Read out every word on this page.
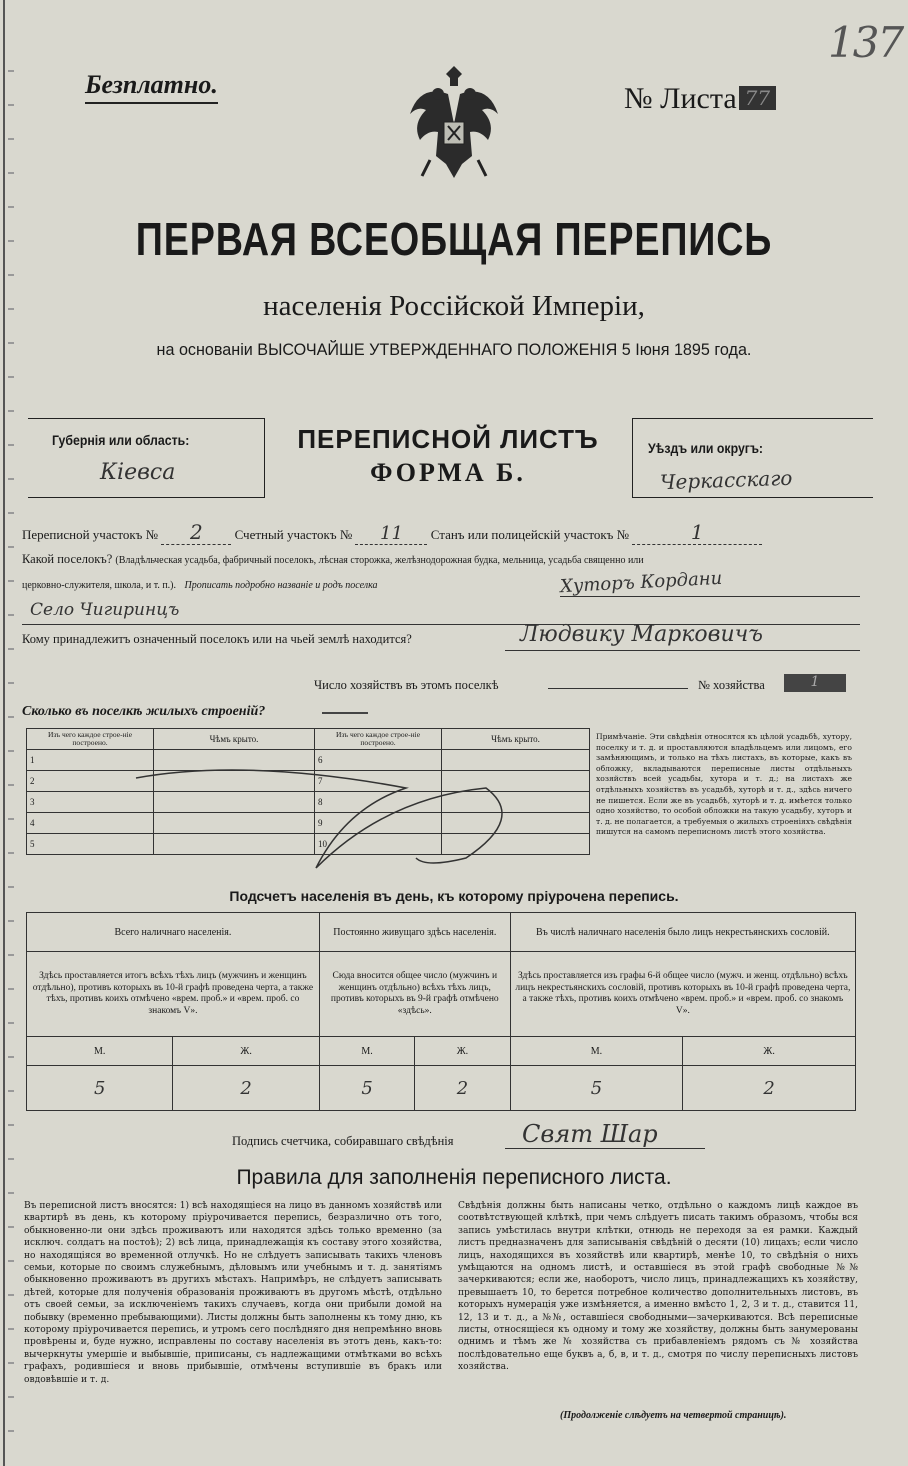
137
Безплатно.	№ Листа 77
ПЕРВАЯ ВСЕОБЩАЯ ПЕРЕПИСЬ
населенія Россійской Имперіи,
на основаніи ВЫСОЧАЙШЕ УТВЕРЖДЕННАГО ПОЛОЖЕНІЯ 5 Іюня 1895 года.
Губернія или область:
Кіевса
ПЕРЕПИСНОЙ ЛИСТЪ
ФОРМА Б.
Уѣздъ или округъ:
Черкасскаго
Переписной участокъ № 2 Счетный участокъ № 11 Станъ или полицейскій участокъ №	1
Какой поселокъ? (Владѣльческая усадьба, фабричный поселокъ, лѣсная сторожка, желѣзнодорожная будка, мельница, усадьба священно или
церковно-служителя, школа, и т. п.). Прописать подробно названіе и родъ поселка	Хуторъ Кордани
Село Чигиринцъ
Кому принадлежитъ означенный поселокъ или на чьей землѣ находится?	Людвику Марковичъ
Число хозяйствъ въ этомъ поселкѣ	№ хозяйства	1
Сколько въ поселкѣ жилыхъ строеній?
Изъ чего каждое строе-ніе построено.	Чѣмъ крыто.	Изъ чего каждое строе-ніе построено.	Чѣмъ крыто.
1		6	
2		7	
3		8	
4		9	
5		10	
Примѣчаніе. Эти свѣдѣнія относятся къ цѣлой усадьбѣ, хутору, поселку и т. д. и проставляются владѣльцемъ или лицомъ, его замѣняющимъ, и только на тѣхъ листахъ, въ которые, какъ въ обложку, вкладываются переписные листы отдѣльныхъ хозяйствъ всей усадьбы, хутора и т. д.; на листахъ же отдѣльныхъ хозяйствъ въ усадьбѣ, хуторѣ и т. д., здѣсь ничего не пишется. Если же въ усадьбѣ, хуторѣ и т. д. имѣется только одно хозяйство, то особой обложки на такую усадьбу, хуторъ и т. д. не полагается, а требуемыя о жилыхъ строеніяхъ свѣдѣнія пишутся на самомъ переписномъ листѣ этого хозяйства.
Подсчетъ населенія въ день, къ которому пріурочена перепись.
Всего наличнаго населенія.		Постоянно живущаго здѣсь населенія.		Въ числѣ наличнаго населенія было лицъ некрестьянскихъ сословій.	
Здѣсь проставляется итогъ всѣхъ тѣхъ лицъ (мужчинъ и женщинъ отдѣльно), противъ которыхъ въ 10-й графѣ проведена черта, а также тѣхъ, противъ коихъ отмѣчено «врем. проб.» и «врем. проб. со знакомъ V».		Сюда вносится общее число (мужчинъ и женщинъ отдѣльно) всѣхъ тѣхъ лицъ, противъ которыхъ въ 9-й графѣ отмѣчено «здѣсь».		Здѣсь проставляется изъ графы 6-й общее число (мужч. и женщ. отдѣльно) всѣхъ лицъ некрестьянскихъ сословій, противъ которыхъ въ 10-й графѣ проведена черта, а также тѣхъ, противъ коихъ отмѣчено «врем. проб.» и «врем. проб. со знакомъ V».	
М.	Ж.	М.	Ж.	М.	Ж.
5	2	5	2	5	2
Подпись счетчика, собиравшаго свѣдѣнія	Свят Шар
Правила для заполненія переписного листа.
Въ переписной листъ вносятся: 1) всѣ находящіеся на лицо въ данномъ хозяйствѣ или квартирѣ въ день, къ которому пріурочивается перепись, безразлично отъ того, обыкновенно-ли они здѣсь проживаютъ или находятся здѣсь только временно (за исключ. солдатъ на постоѣ); 2) всѣ лица, принадлежащія къ составу этого хозяйства, но находящіяся во временной отлучкѣ. Но не слѣдуетъ записывать такихъ членовъ семьи, которые по своимъ служебнымъ, дѣловымъ или учебнымъ и т. д. занятіямъ обыкновенно проживаютъ въ другихъ мѣстахъ. Напримѣръ, не слѣдуетъ записывать дѣтей, которые для полученія образованія проживаютъ въ другомъ мѣстѣ, отдѣльно отъ своей семьи, за исключеніемъ такихъ случаевъ, когда они прибыли домой на побывку (временно пребывающими). Листы должны быть заполнены къ тому дню, къ которому пріурочивается перепись, и утромъ сего послѣдняго дня непремѣнно вновь провѣрены и, буде нужно, исправлены по составу населенія въ этотъ день, какъ-то: вычеркнуты умершіе и выбывшіе, приписаны, съ надлежащими отмѣтками во всѣхъ графахъ, родившіеся и вновь прибывшіе, отмѣчены вступившіе въ бракъ или овдовѣвшіе и т. д.
Свѣдѣнія должны быть написаны четко, отдѣльно о каждомъ лицѣ каждое въ соотвѣтствующей клѣткѣ, при чемъ слѣдуетъ писать такимъ образомъ, чтобы вся запись умѣстилась внутри клѣтки, отнюдь не переходя за ея рамки. Каждый листъ предназначенъ для записыванія свѣдѣній о десяти (10) лицахъ; если число лицъ, находящихся въ хозяйствѣ или квартирѣ, менѣе 10, то свѣдѣнія о нихъ умѣщаются на одномъ листѣ, и оставшіеся въ этой графѣ свободные №№ зачеркиваются; если же, наоборотъ, число лицъ, принадлежащихъ къ хозяйству, превышаетъ 10, то берется потребное количество дополнительныхъ листовъ, въ которыхъ нумерація уже измѣняется, а именно вмѣсто 1, 2, 3 и т. д., ставится 11, 12, 13 и т. д., а №№, оставшіеся свободными—зачеркиваются. Всѣ переписные листы, относящіеся къ одному и тому же хозяйству, должны быть занумерованы однимъ и тѣмъ же № хозяйства съ прибавленіемъ рядомъ съ № хозяйства послѣдовательно еще буквъ а, б, в, и т. д., смотря по числу переписныхъ листовъ хозяйства.
(Продолженіе слѣдуетъ на четвертой страницѣ).
